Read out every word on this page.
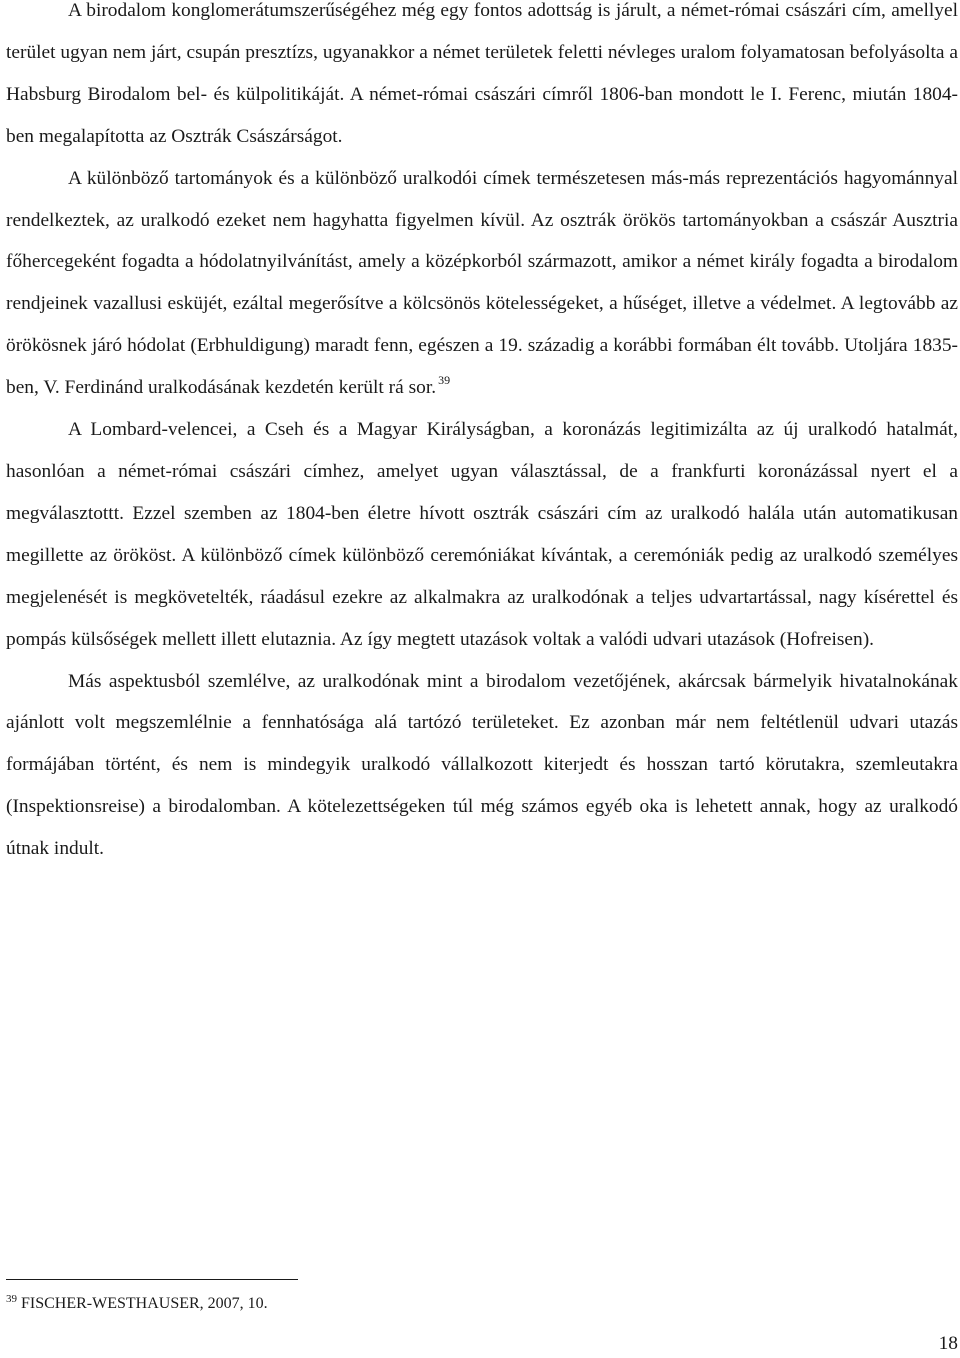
A birodalom konglomerátumszerűségéhez még egy fontos adottság is járult, a német-római császári cím, amellyel terület ugyan nem járt, csupán presztízs, ugyanakkor a német területek feletti névleges uralom folyamatosan befolyásolta a Habsburg Birodalom bel- és külpolitikáját. A német-római császári címről 1806-ban mondott le I. Ferenc, miután 1804-ben megalapította az Osztrák Császárságot.

A különböző tartományok és a különböző uralkodói címek természetesen más-más reprezentációs hagyománnyal rendelkeztek, az uralkodó ezeket nem hagyhatta figyelmen kívül. Az osztrák örökös tartományokban a császár Ausztria főhercegeként fogadta a hódolatnyilvánítást, amely a középkorból származott, amikor a német király fogadta a birodalom rendjeinek vazallusi esküjét, ezáltal megerősítve a kölcsönös kötelességeket, a hűséget, illetve a védelmet. A legtovább az örökösnek járó hódolat (Erbhuldigung) maradt fenn, egészen a 19. századig a korábbi formában élt tovább. Utoljára 1835-ben, V. Ferdinánd uralkodásának kezdetén került rá sor. $^{39}$

A Lombard-velencei, a Cseh és a Magyar Királyságban, a koronázás legitimizálta az új uralkodó hatalmát, hasonlóan a német-római császári címhez, amelyet ugyan választással, de a frankfurti koronázással nyert el a megválasztottt. Ezzel szemben az 1804-ben életre hívott osztrák császári cím az uralkodó halála után automatikusan megillette az örököst. A különböző címek különböző ceremóniákat kívántak, a ceremóniák pedig az uralkodó személyes megjelenését is megkövetelték, ráadásul ezekre az alkalmakra az uralkodónak a teljes udvartartással, nagy kísérettel és pompás külsőségek mellett illett elutaznia. Az így megtett utazások voltak a valódi udvari utazások (Hofreisen).

Más aspektusból szemlélve, az uralkodónak mint a birodalom vezetőjének, akárcsak bármelyik hivatalnokának ajánlott volt megszemlélnie a fennhatósága alá tartózó területeket. Ez azonban már nem feltétlenül udvari utazás formájában történt, és nem is mindegyik uralkodó vállalkozott kiterjedt és hosszan tartó körutakra, szemleutakra (Inspektionsreise) a birodalomban. A kötelezettségeken túl még számos egyéb oka is lehetett annak, hogy az uralkodó útnak indult.

$^{39}$ FISCHER-WESTHAUSER, 2007, 10.

18
